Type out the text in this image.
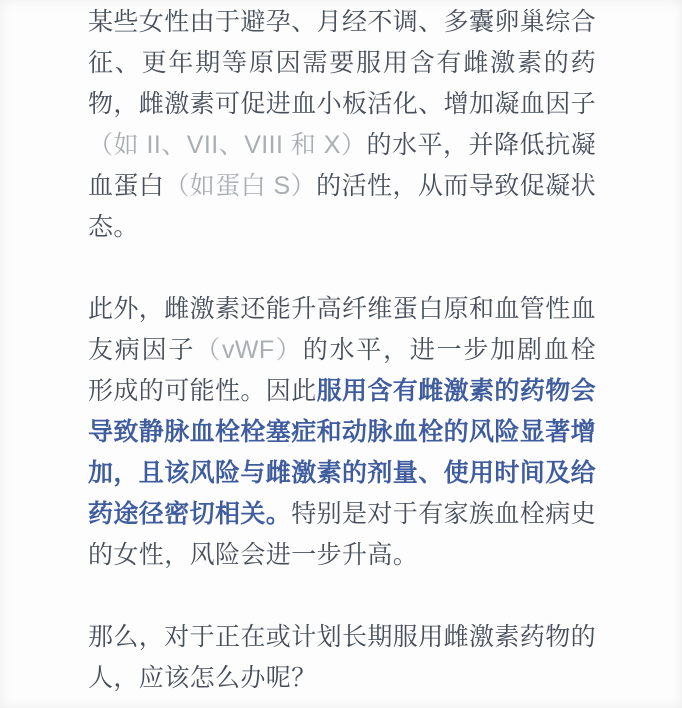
某些女性由于避孕、月经不调、多囊卵巢综合征、更年期等原因需要服用含有雌激素的药物，雌激素可促进血小板活化、增加凝血因子（如 II、VII、VIII 和 X）的水平，并降低抗凝血蛋白（如蛋白 S）的活性，从而导致促凝状态。

此外，雌激素还能升高纤维蛋白原和血管性血友病因子（vWF）的水平，进一步加剧血栓形成的可能性。因此服用含有雌激素的药物会导致静脉血栓栓塞症和动脉血栓的风险显著增加，且该风险与雌激素的剂量、使用时间及给药途径密切相关。特别是对于有家族血栓病史的女性，风险会进一步升高。

那么，对于正在或计划长期服用雌激素药物的人，应该怎么办呢？
